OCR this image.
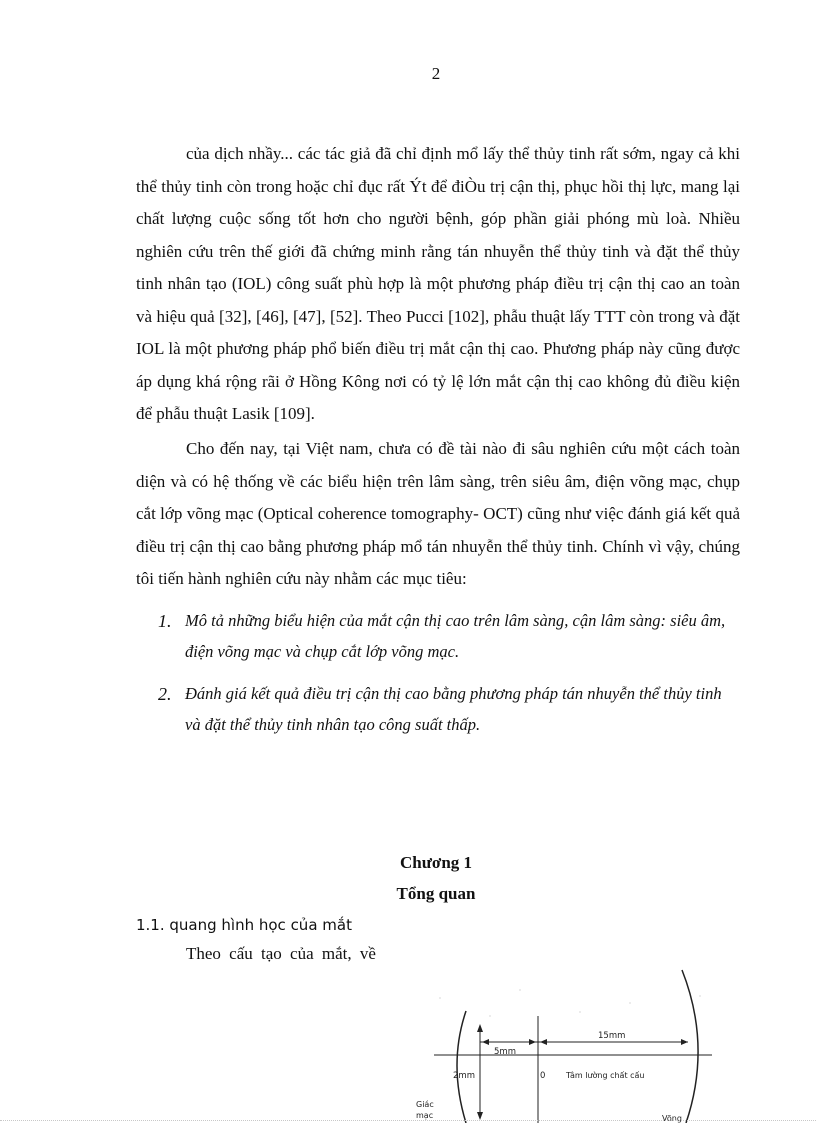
2

của dịch nhầy... các tác giả đã chỉ định mổ lấy thể thủy tinh rất sớm, ngay cả khi thể thủy tinh còn trong hoặc chỉ đục rất Ýt để điÒu trị cận thị, phục hồi thị lực, mang lại chất lượng cuộc sống tốt hơn cho người bệnh, góp phần giải phóng mù loà. Nhiều nghiên cứu trên thế giới đã chứng minh rằng tán nhuyễn thể thủy tinh và đặt thể thủy tinh nhân tạo (IOL) công suất phù hợp là một phương pháp điều trị cận thị cao an toàn và hiệu quả [32], [46], [47], [52]. Theo Pucci [102], phẫu thuật lấy TTT còn trong và đặt IOL là một phương pháp phổ biến điều trị mắt cận thị cao. Phương pháp này cũng được áp dụng khá rộng rãi ở Hồng Kông nơi có tỷ lệ lớn mắt cận thị cao không đủ điều kiện để phẫu thuật Lasik [109].

Cho đến nay, tại Việt nam, chưa có đề tài nào đi sâu nghiên cứu một cách toàn diện và có hệ thống về các biểu hiện trên lâm sàng, trên siêu âm, điện võng mạc, chụp cắt lớp võng mạc (Optical coherence tomography- OCT) cũng như việc đánh giá kết quả điều trị cận thị cao bằng phương pháp mổ tán nhuyễn thể thủy tinh. Chính vì vậy, chúng tôi tiến hành nghiên cứu này nhằm các mục tiêu:

1. Mô tả những biểu hiện của mắt cận thị cao trên lâm sàng, cận lâm sàng: siêu âm, điện võng mạc và chụp cắt lớp võng mạc.
2. Đánh giá kết quả điều trị cận thị cao bằng phương pháp tán nhuyễn thể thủy tinh và đặt thể thủy tinh nhân tạo công suất thấp.
Chương 1
Tổng quan
1.1. quang hình học của mắt
Theo cấu tạo của mắt, về
5mm
15mm
2mm	0	Tâm lường chất cấu
Giác
mạc	Võng
